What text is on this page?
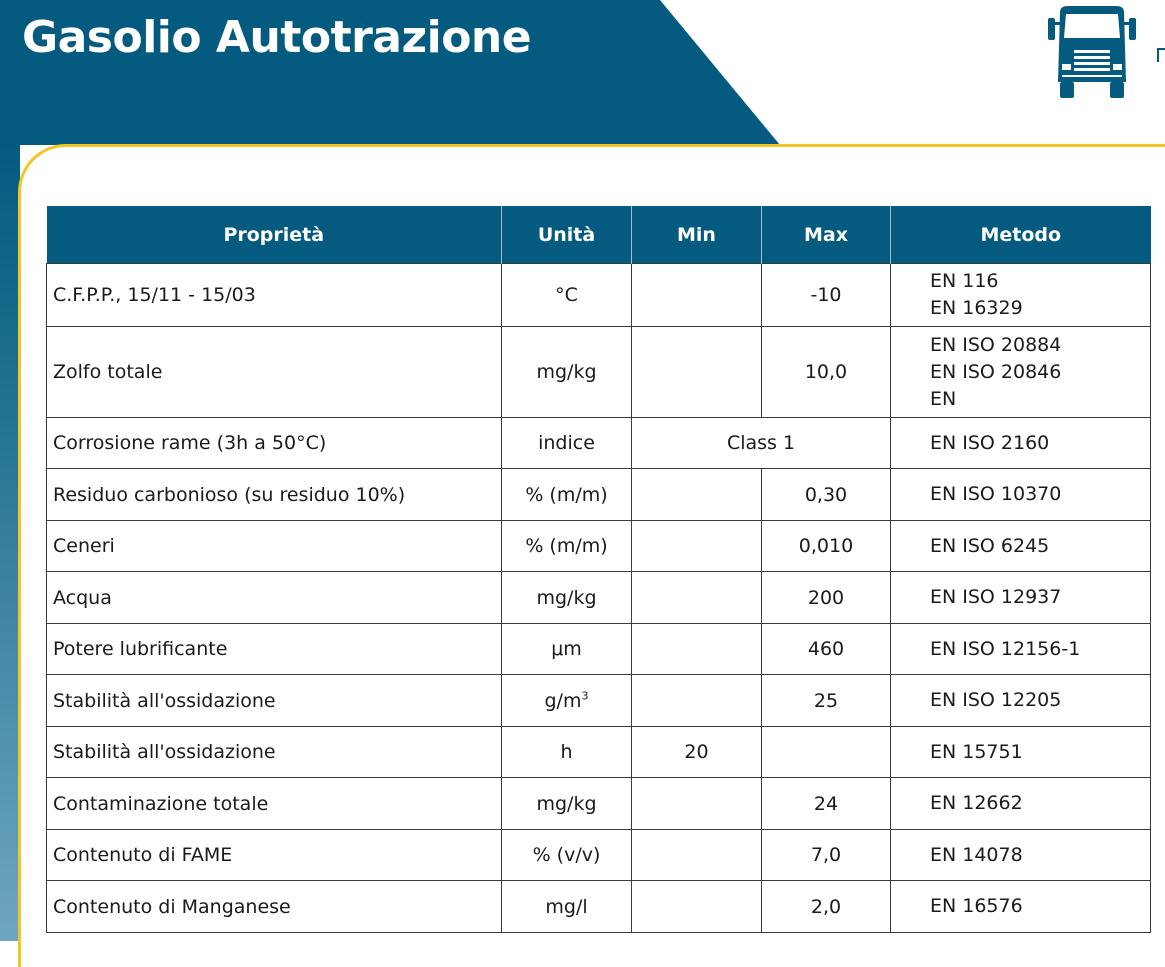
Gasolio Autotrazione
Proprietà	Unità	Min	Max	Metodo
C.F.P.P., 15/11 - 15/03	°C		-10	EN 116
EN 16329

Zolfo totale	mg/kg		10,0	EN ISO 20884
EN ISO 20846
EN

Corrosione rame (3h a 50°C)	indice	Class 1		EN ISO 2160

Residuo carbonioso (su residuo 10%)	% (m/m)		0,30	EN ISO 10370

Ceneri	% (m/m)		0,010	EN ISO 6245

Acqua	mg/kg		200	EN ISO 12937

Potere lubrificante	μm		460	EN ISO 12156-1

Stabilità all'ossidazione	$g/m^3$		25	EN ISO 12205

Stabilità all'ossidazione	h	20		EN 15751

Contaminazione totale	mg/kg		24	EN 12662

Contenuto di FAME	% (v/v)		7,0	EN 14078

Contenuto di Manganese	mg/l		2,0	EN 16576
